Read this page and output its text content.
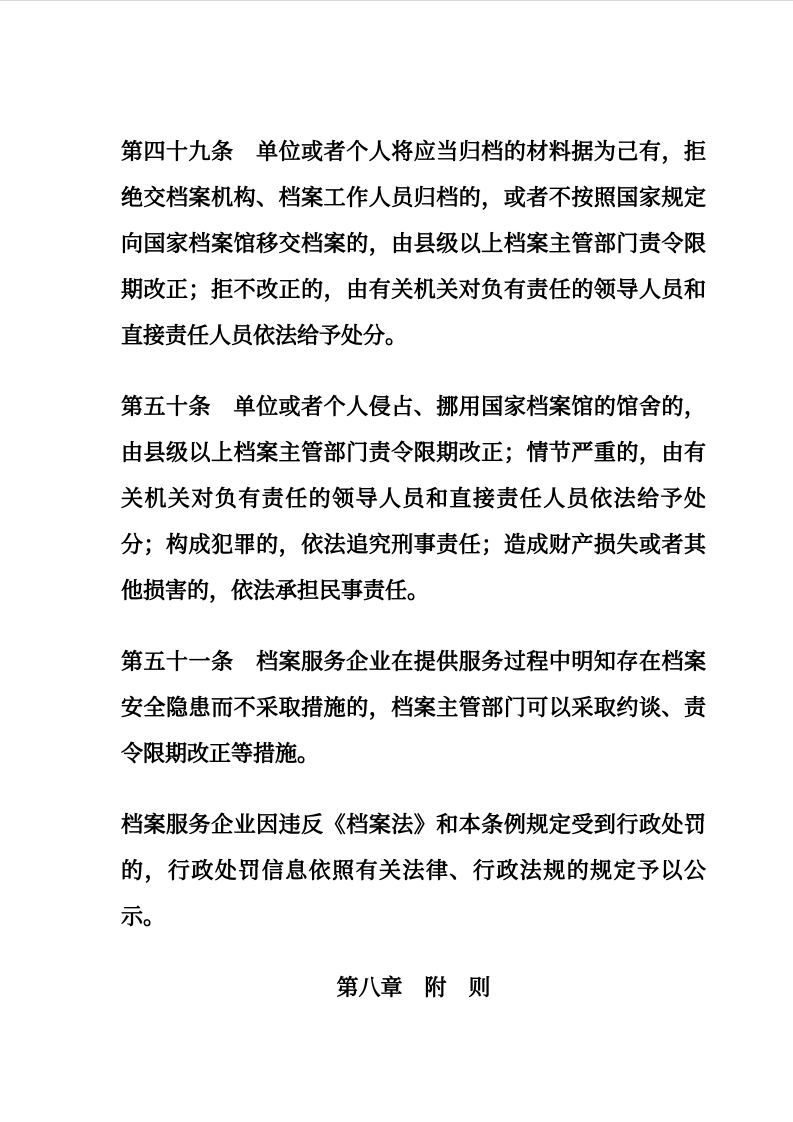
第四十九条　单位或者个人将应当归档的材料据为己有，拒绝交档案机构、档案工作人员归档的，或者不按照国家规定向国家档案馆移交档案的，由县级以上档案主管部门责令限期改正；拒不改正的，由有关机关对负有责任的领导人员和直接责任人员依法给予处分。

第五十条　单位或者个人侵占、挪用国家档案馆的馆舍的，由县级以上档案主管部门责令限期改正；情节严重的，由有关机关对负有责任的领导人员和直接责任人员依法给予处分；构成犯罪的，依法追究刑事责任；造成财产损失或者其他损害的，依法承担民事责任。

第五十一条　档案服务企业在提供服务过程中明知存在档案安全隐患而不采取措施的，档案主管部门可以采取约谈、责令限期改正等措施。

档案服务企业因违反《档案法》和本条例规定受到行政处罚的，行政处罚信息依照有关法律、行政法规的规定予以公示。

第八章　附　则
